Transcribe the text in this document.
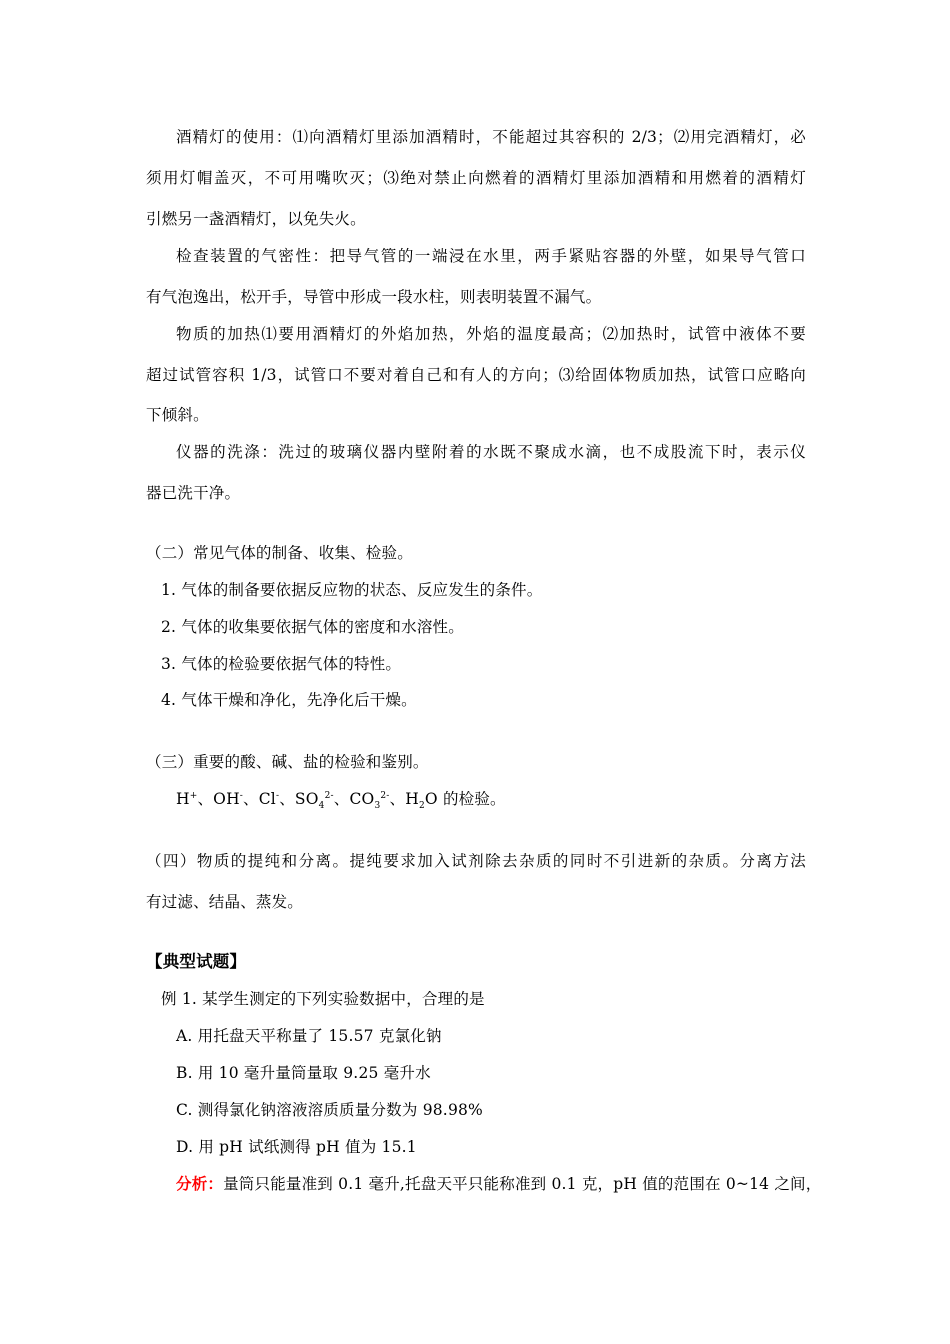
酒精灯的使用：⑴向酒精灯里添加酒精时，不能超过其容积的 2/3；⑵用完酒精灯，必
须用灯帽盖灭，不可用嘴吹灭；⑶绝对禁止向燃着的酒精灯里添加酒精和用燃着的酒精灯
引燃另一盏酒精灯，以免失火。
检查装置的气密性：把导气管的一端浸在水里，两手紧贴容器的外壁，如果导气管口
有气泡逸出，松开手，导管中形成一段水柱，则表明装置不漏气。
物质的加热⑴要用酒精灯的外焰加热，外焰的温度最高；⑵加热时，试管中液体不要
超过试管容积 1/3，试管口不要对着自己和有人的方向；⑶给固体物质加热，试管口应略向
下倾斜。
仪器的洗涤：洗过的玻璃仪器内壁附着的水既不聚成水滴，也不成股流下时，表示仪
器已洗干净。
（二）常见气体的制备、收集、检验。
1. 气体的制备要依据反应物的状态、反应发生的条件。
2. 气体的收集要依据气体的密度和水溶性。
3. 气体的检验要依据气体的特性。
4. 气体干燥和净化，先净化后干燥。
（三）重要的酸、碱、盐的检验和鉴别。
H+、OH-、Cl-、$SO_4^{2-}$、$CO_3^{2-}$、$H_2O$ 的检验。
（四）物质的提纯和分离。提纯要求加入试剂除去杂质的同时不引进新的杂质。分离方法
有过滤、结晶、蒸发。
【典型试题】
例 1. 某学生测定的下列实验数据中，合理的是
A. 用托盘天平称量了 15.57 克氯化钠
B. 用 10 毫升量筒量取 9.25 毫升水
C. 测得氯化钠溶液溶质质量分数为 98.98%
D. 用 pH 试纸测得 pH 值为 15.1
分析：量筒只能量准到 0.1 毫升,托盘天平只能称准到 0.1 克，pH 值的范围在 0~14 之间，
